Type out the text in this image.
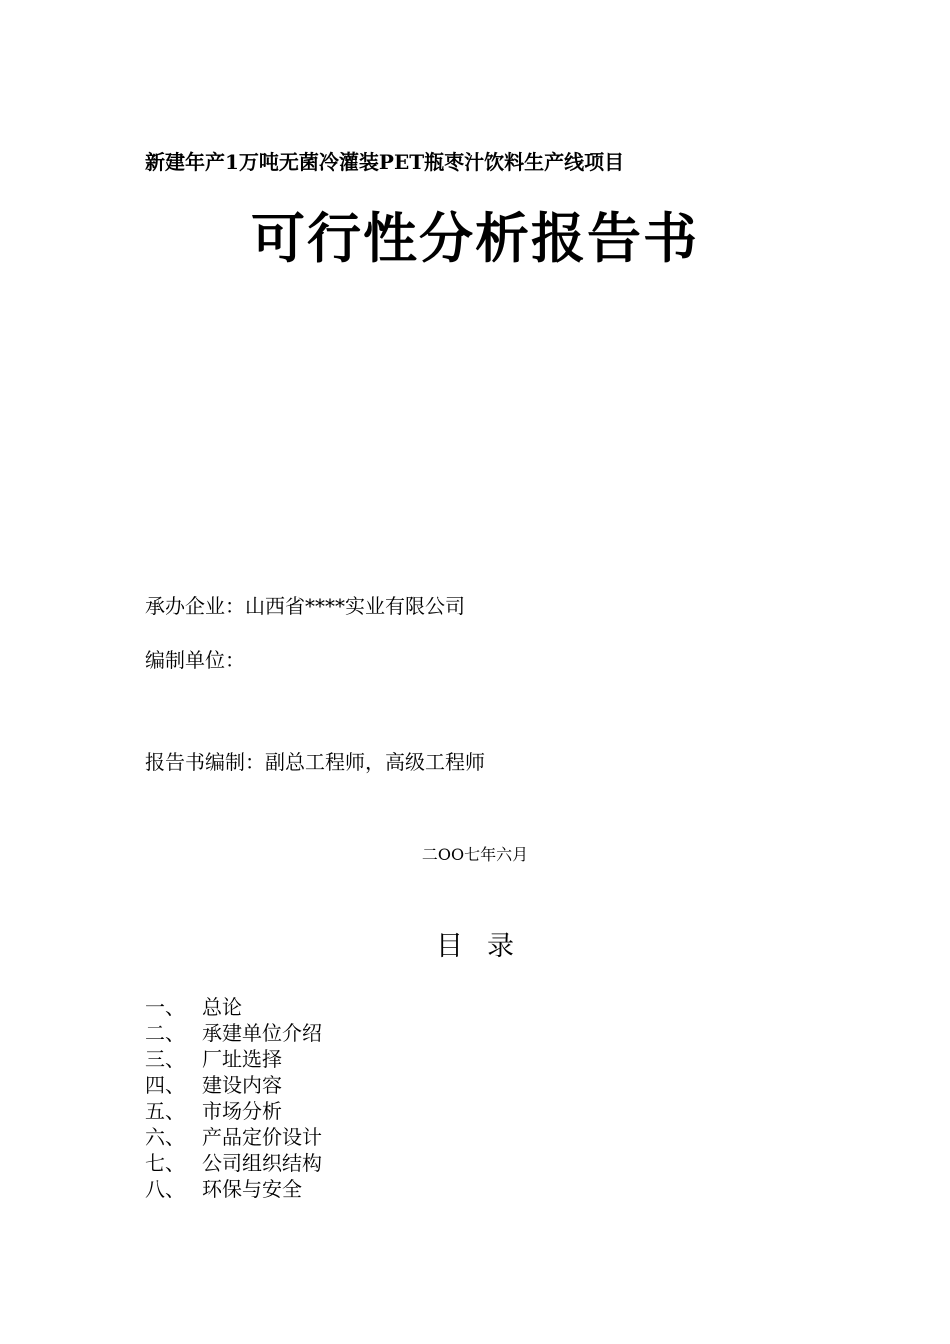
新建年产1万吨无菌冷灌装PET瓶枣汁饮料生产线项目
可行性分析报告书
承办企业：山西省****实业有限公司
编制单位：
报告书编制：副总工程师，高级工程师
二OO七年六月
目录
一、 总论
二、 承建单位介绍
三、 厂址选择
四、 建设内容
五、 市场分析
六、 产品定价设计
七、 公司组织结构
八、 环保与安全
